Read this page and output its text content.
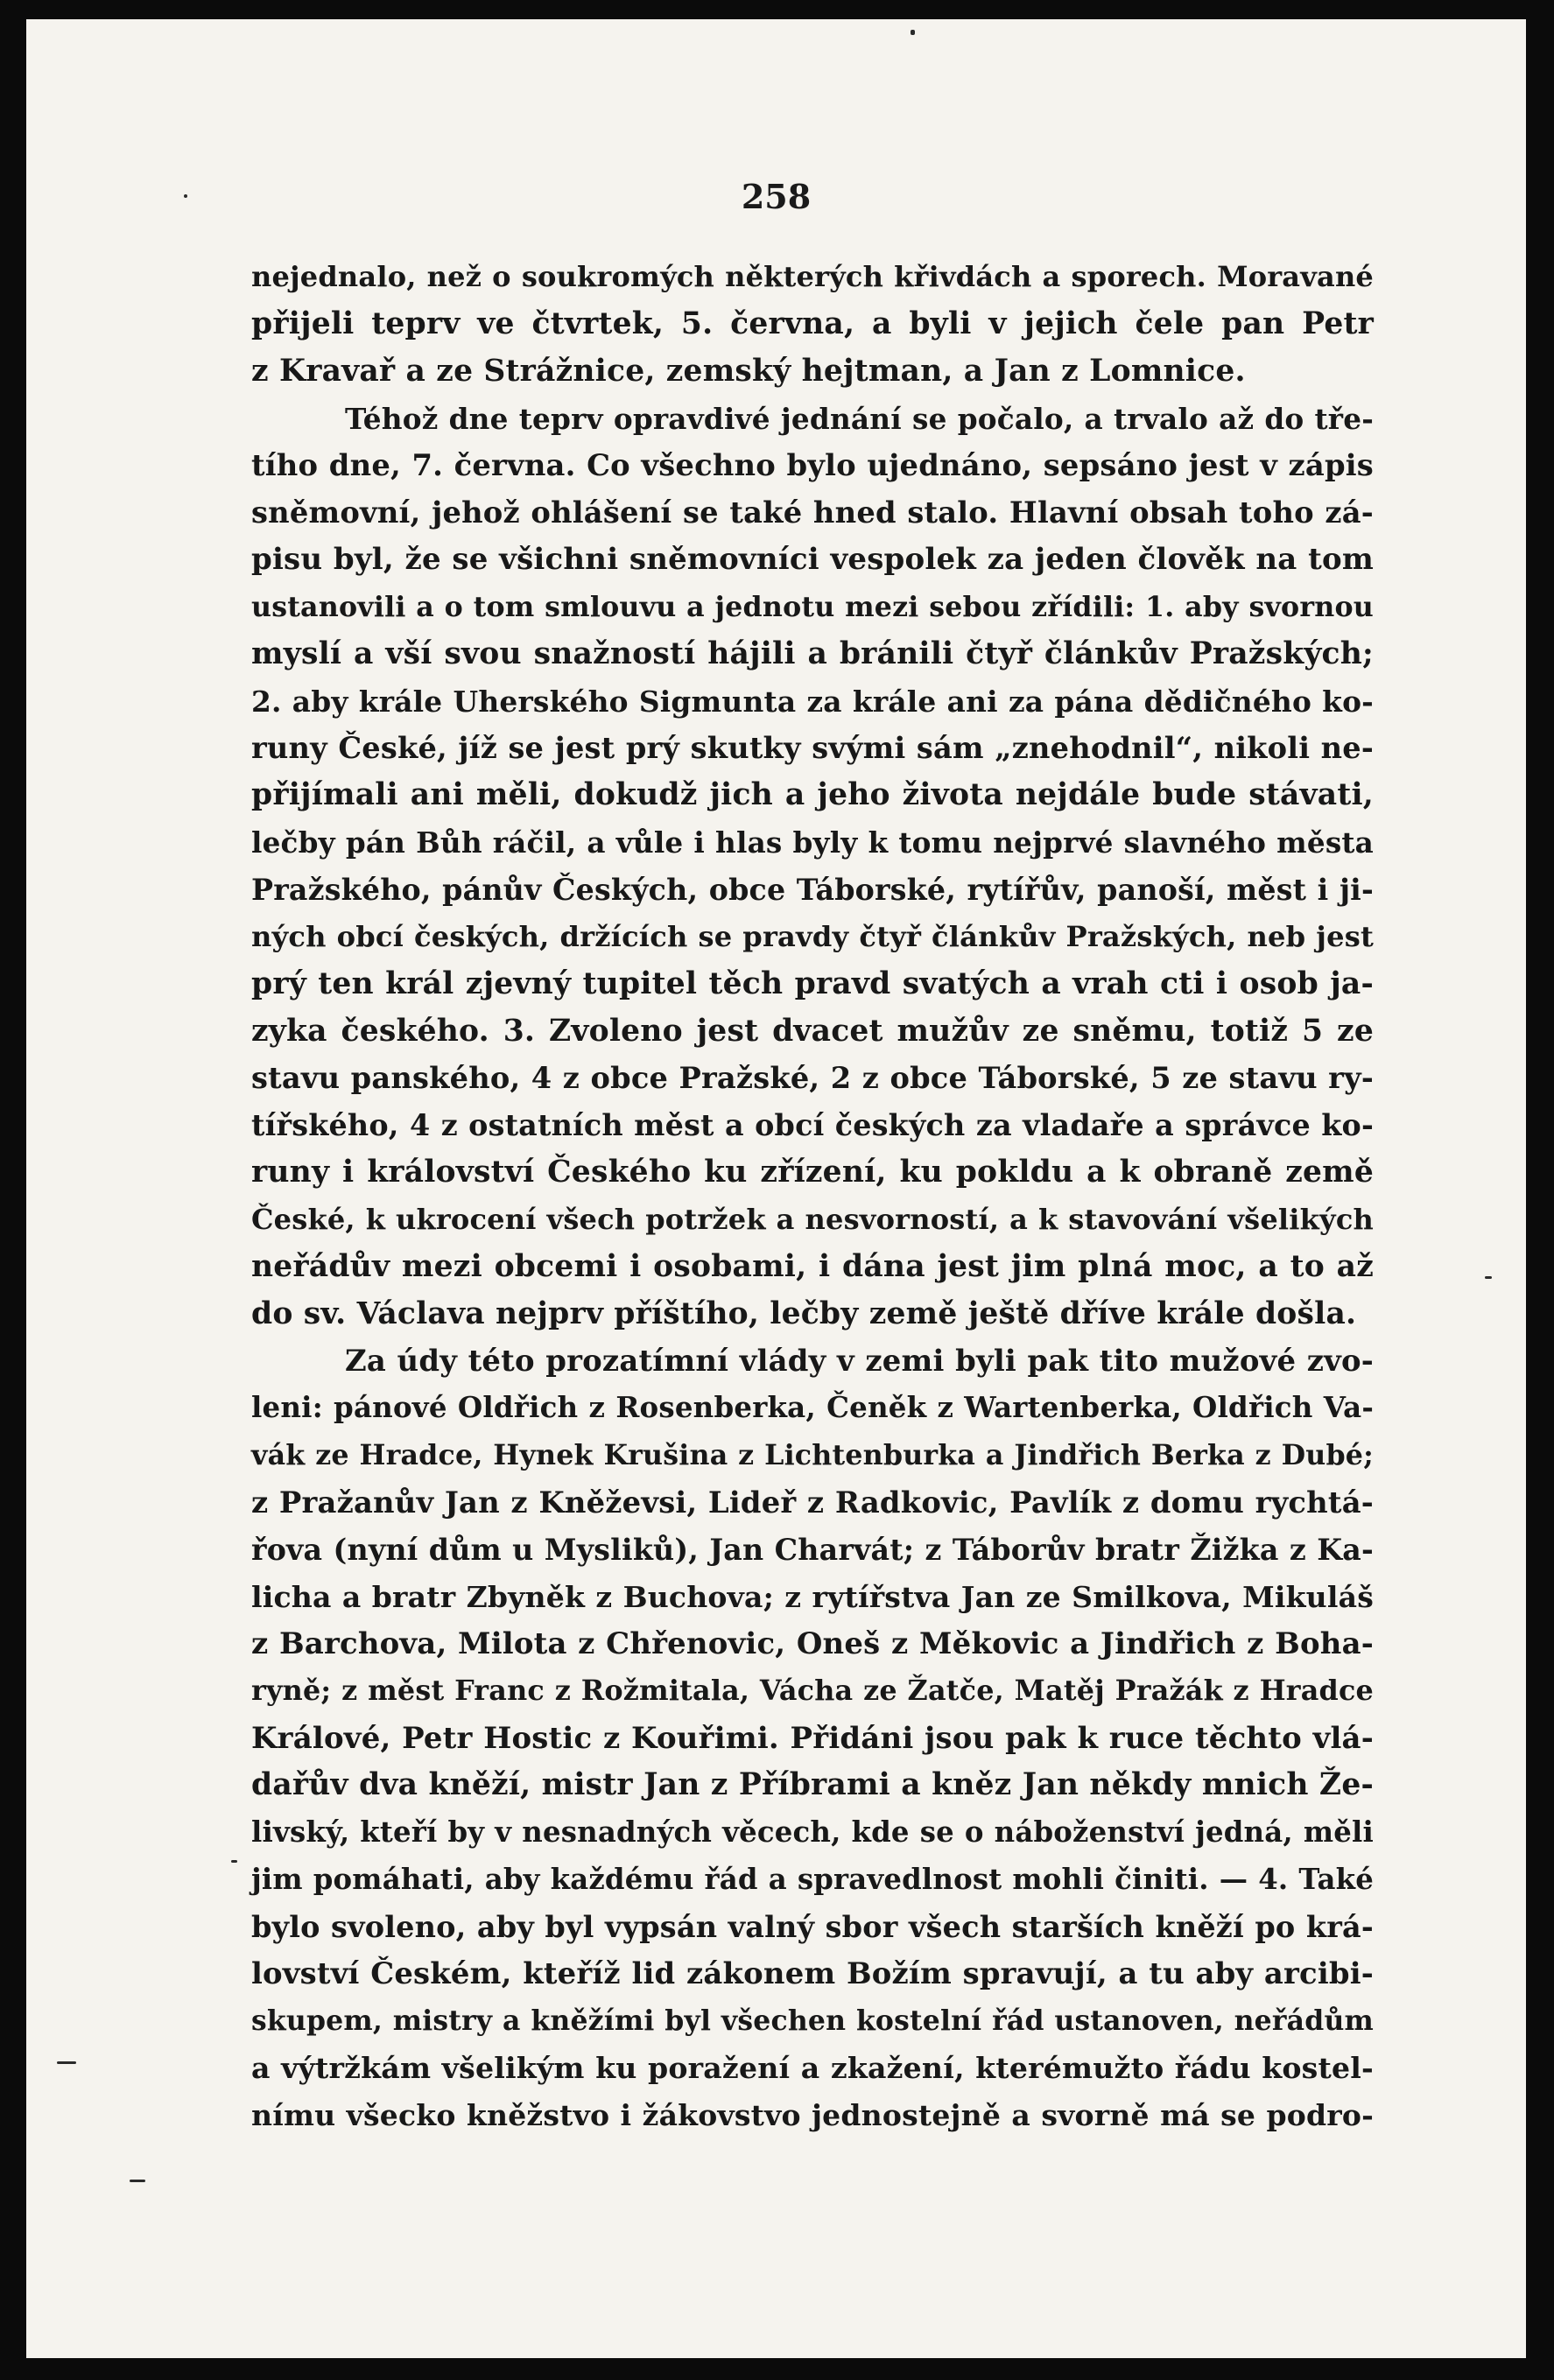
258
nejednalo, než o soukromých některých křivdách a sporech. Moravané
přijeli teprv ve čtvrtek, 5. června, a byli v jejich čele pan Petr
z Kravař a ze Strážnice, zemský hejtman, a Jan z Lomnice.
Téhož dne teprv opravdivé jednání se počalo, a trvalo až do tře-
tího dne, 7. června. Co všechno bylo ujednáno, sepsáno jest v zápis
sněmovní, jehož ohlášení se také hned stalo. Hlavní obsah toho zá-
pisu byl, že se všichni sněmovníci vespolek za jeden člověk na tom
ustanovili a o tom smlouvu a jednotu mezi sebou zřídili: 1. aby svornou
myslí a vší svou snažností hájili a bránili čtyř článkův Pražských;
2. aby krále Uherského Sigmunta za krále ani za pána dědičného ko-
runy České, jíž se jest prý skutky svými sám „znehodnil“, nikoli ne-
přijímali ani měli, dokudž jich a jeho života nejdále bude stávati,
lečby pán Bůh ráčil, a vůle i hlas byly k tomu nejprvé slavného města
Pražského, pánův Českých, obce Táborské, rytířův, panoší, měst i ji-
ných obcí českých, držících se pravdy čtyř článkův Pražských, neb jest
prý ten král zjevný tupitel těch pravd svatých a vrah cti i osob ja-
zyka českého. 3. Zvoleno jest dvacet mužův ze sněmu, totiž 5 ze
stavu panského, 4 z obce Pražské, 2 z obce Táborské, 5 ze stavu ry-
tířského, 4 z ostatních měst a obcí českých za vladaře a správce ko-
runy i království Českého ku zřízení, ku pokldu a k obraně země
České, k ukrocení všech potržek a nesvorností, a k stavování všelikých
neřádův mezi obcemi i osobami, i dána jest jim plná moc, a to až
do sv. Václava nejprv příštího, lečby země ještě dříve krále došla.
Za údy této prozatímní vlády v zemi byli pak tito mužové zvo-
leni: pánové Oldřich z Rosenberka, Čeněk z Wartenberka, Oldřich Va-
vák ze Hradce, Hynek Krušina z Lichtenburka a Jindřich Berka z Dubé;
z Pražanův Jan z Kněževsi, Lideř z Radkovic, Pavlík z domu rychtá-
řova (nyní dům u Mysliků), Jan Charvát; z Táborův bratr Žižka z Ka-
licha a bratr Zbyněk z Buchova; z rytířstva Jan ze Smilkova, Mikuláš
z Barchova, Milota z Chřenovic, Oneš z Měkovic a Jindřich z Boha-
ryně; z měst Franc z Rožmitala, Vácha ze Žatče, Matěj Pražák z Hradce
Králové, Petr Hostic z Kouřimi. Přidáni jsou pak k ruce těchto vlá-
dařův dva kněží, mistr Jan z Příbrami a kněz Jan někdy mnich Že-
livský, kteří by v nesnadných věcech, kde se o náboženství jedná, měli
jim pomáhati, aby každému řád a spravedlnost mohli činiti. — 4. Také
bylo svoleno, aby byl vypsán valný sbor všech starších kněží po krá-
lovství Českém, kteříž lid zákonem Božím spravují, a tu aby arcibi-
skupem, mistry a kněžími byl všechen kostelní řád ustanoven, neřádům
a výtržkám všelikým ku poražení a zkažení, kterémužto řádu kostel-
nímu všecko kněžstvo i žákovstvo jednostejně a svorně má se podro-
